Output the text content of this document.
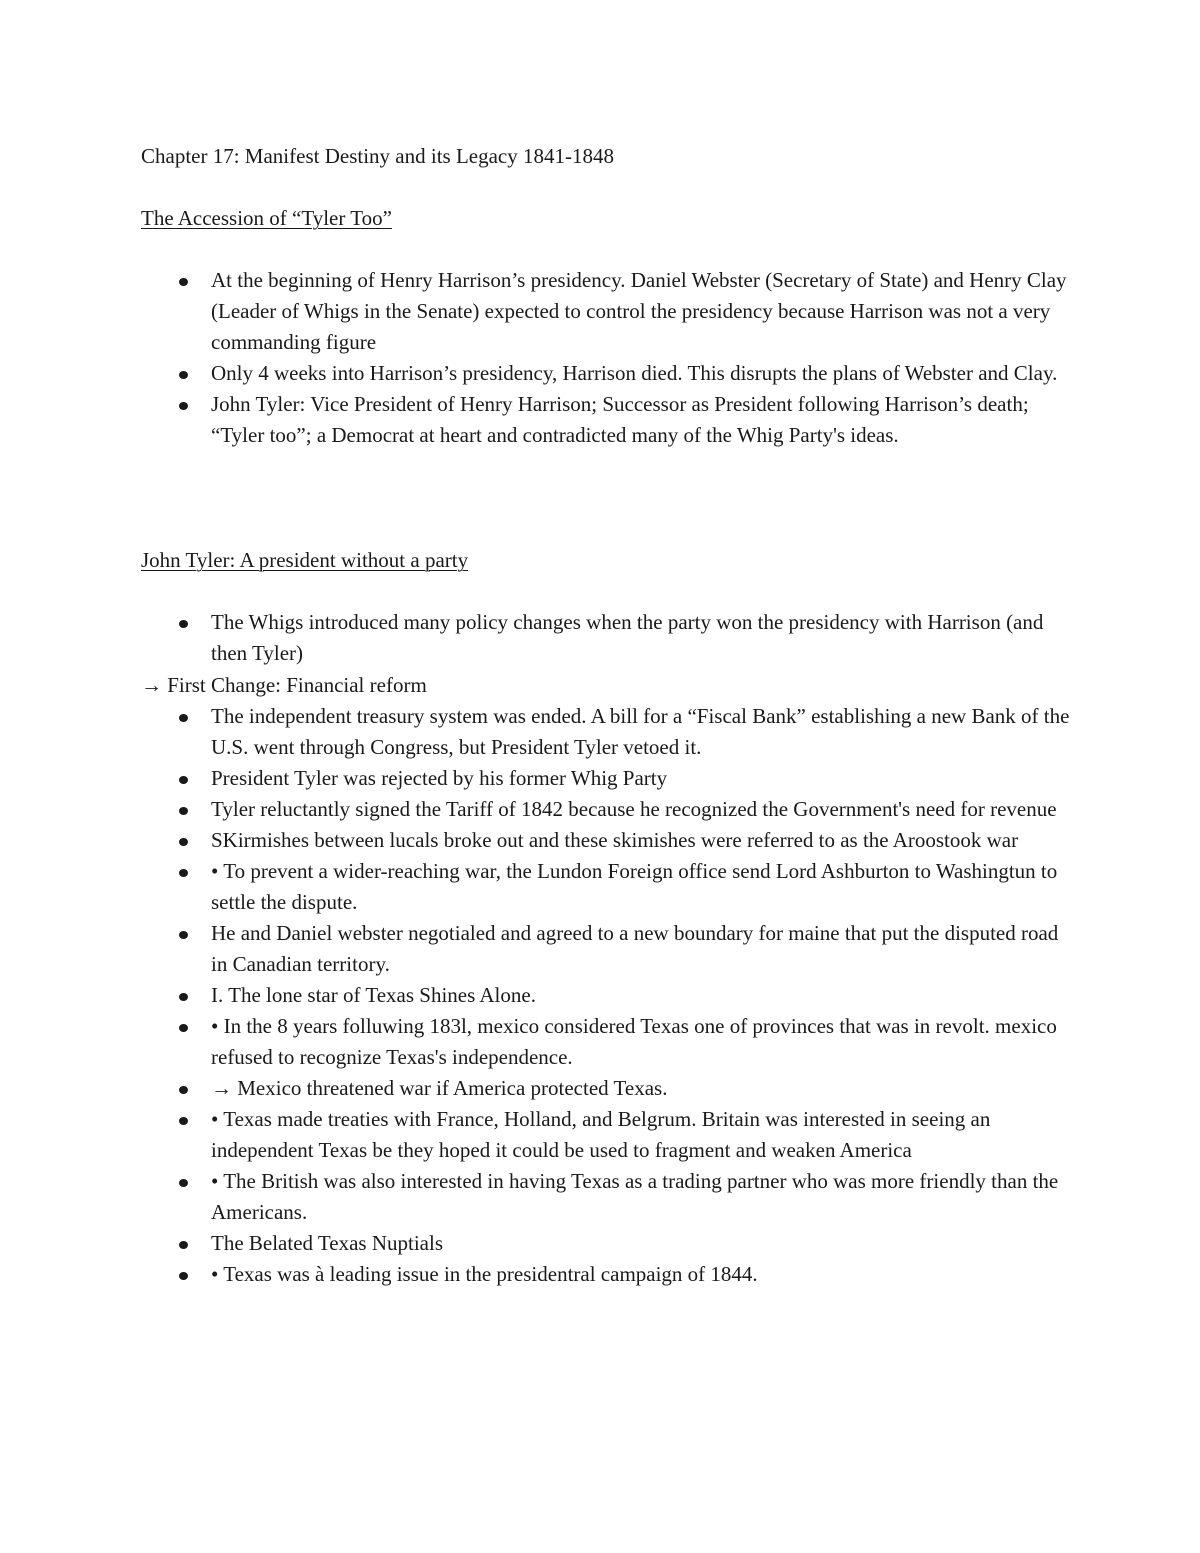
Chapter 17: Manifest Destiny and its Legacy 1841-1848
The Accession of “Tyler Too”
At the beginning of Henry Harrison’s presidency. Daniel Webster (Secretary of State) and Henry Clay (Leader of Whigs in the Senate) expected to control the presidency because Harrison was not a very commanding figure
Only 4 weeks into Harrison’s presidency, Harrison died. This disrupts the plans of Webster and Clay.
John Tyler: Vice President of Henry Harrison; Successor as President following Harrison’s death; “Tyler too”; a Democrat at heart and contradicted many of the Whig Party's ideas.
John Tyler: A president without a party
The Whigs introduced many policy changes when the party won the presidency with Harrison (and then Tyler)
→ First Change: Financial reform
The independent treasury system was ended. A bill for a “Fiscal Bank” establishing a new Bank of the U.S. went through Congress, but President Tyler vetoed it.
President Tyler was rejected by his former Whig Party
Tyler reluctantly signed the Tariff of 1842 because he recognized the Government's need for revenue
SKirmishes between lucals broke out and these skimishes were referred to as the Aroostook war
• To prevent a wider-reaching war, the Lundon Foreign office send Lord Ashburton to Washingtun to settle the dispute.
He and Daniel webster negotialed and agreed to a new boundary for maine that put the disputed road in Canadian territory.
I. The lone star of Texas Shines Alone.
• In the 8 years folluwing 183l, mexico considered Texas one of provinces that was in revolt. mexico refused to recognize Texas's independence.
→ Mexico threatened war if America protected Texas.
• Texas made treaties with France, Holland, and Belgrum. Britain was interested in seeing an independent Texas be they hoped it could be used to fragment and weaken America
• The British was also interested in having Texas as a trading partner who was more friendly than the Americans.
The Belated Texas Nuptials
• Texas was à leading issue in the presidentral campaign of 1844.
